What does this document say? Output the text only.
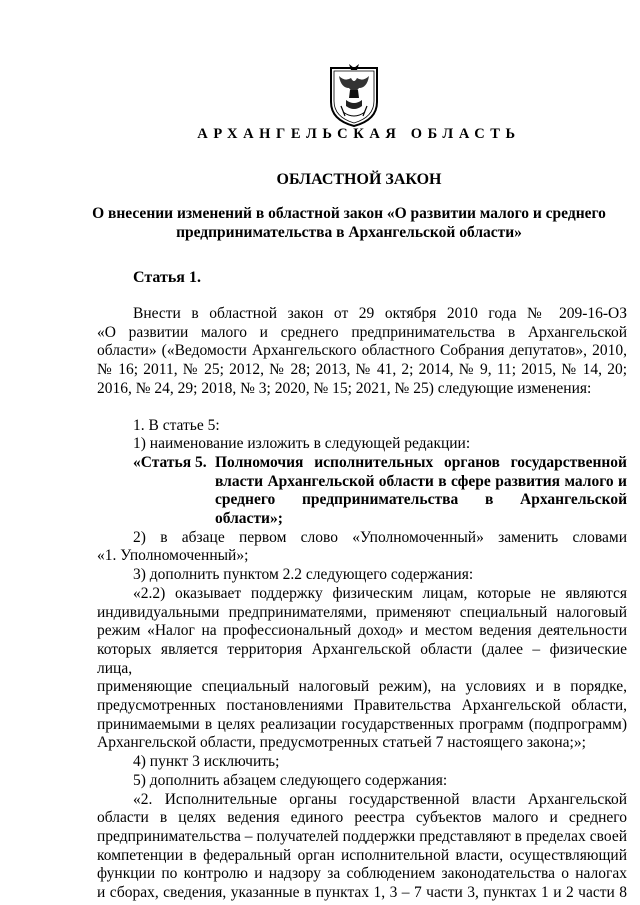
АРХАНГЕЛЬСКАЯ ОБЛАСТЬ
ОБЛАСТНОЙ ЗАКОН
О внесении изменений в областной закон «О развитии малого и среднего
предпринимательства в Архангельской области»
Статья 1.
Внести в областной закон от 29 октября 2010 года № 209-16-ОЗ
«О развитии малого и среднего предпринимательства в Архангельской
области» («Ведомости Архангельского областного Собрания депутатов», 2010,
№ 16; 2011, № 25; 2012, № 28; 2013, № 41, 2; 2014, № 9, 11; 2015, № 14, 20;
2016, № 24, 29; 2018, № 3; 2020, № 15; 2021, № 25) следующие изменения:
1. В статье 5:
1) наименование изложить в следующей редакции:
«Статья 5. Полномочия исполнительных органов государственной власти Архангельской области в сфере развития малого и среднего предпринимательства в Архангельской области»;
2) в абзаце первом слово «Уполномоченный» заменить словами
«1. Уполномоченный»;
3) дополнить пунктом 2.2 следующего содержания:
«2.2) оказывает поддержку физическим лицам, которые не являются
индивидуальными предпринимателями, применяют специальный налоговый
режим «Налог на профессиональный доход» и местом ведения деятельности
которых является территория Архангельской области (далее – физические лица,
применяющие специальный налоговый режим), на условиях и в порядке,
предусмотренных постановлениями Правительства Архангельской области,
принимаемыми в целях реализации государственных программ (подпрограмм)
Архангельской области, предусмотренных статьей 7 настоящего закона;»;
4) пункт 3 исключить;
5) дополнить абзацем следующего содержания:
«2. Исполнительные органы государственной власти Архангельской
области в целях ведения единого реестра субъектов малого и среднего
предпринимательства – получателей поддержки представляют в пределах своей
компетенции в федеральный орган исполнительной власти, осуществляющий
функции по контролю и надзору за соблюдением законодательства о налогах
и сборах, сведения, указанные в пунктах 1, 3 – 7 части 3, пунктах 1 и 2 части 8
